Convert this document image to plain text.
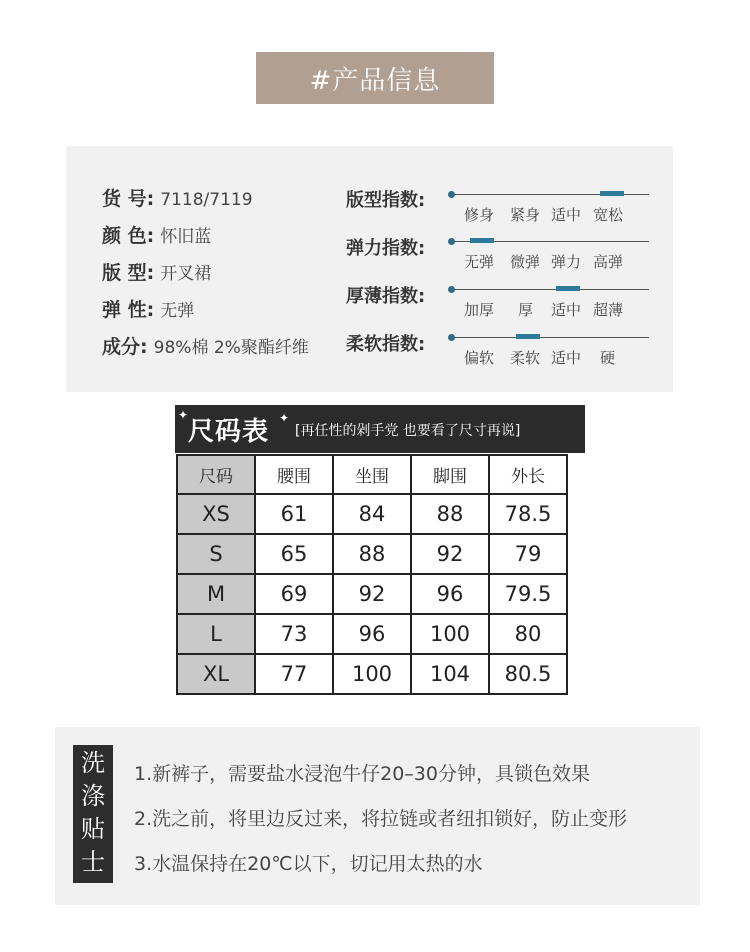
#产品信息
货 号: 7118/7119
颜 色: 怀旧蓝
版 型: 开叉裙
弹 性: 无弹
成分: 98%棉 2%聚酯纤维
版型指数:
修身 紧身 适中 宽松
弹力指数:
无弹 微弹 弹力 高弹
厚薄指数:
加厚 厚 适中 超薄
柔软指数:
偏软 柔软 适中 硬
✦
尺码表 ✦
[再任性的剁手党 也要看了尺寸再说]
尺码	腰围	坐围	脚围	外长
XS	61	84	88	78.5
S	65	88	92	79
M	69	92	96	79.5
L	73	96	100	80
XL	77	100	104	80.5
洗
涤
贴
士
1.新裤子，需要盐水浸泡牛仔20–30分钟，具锁色效果
2.洗之前，将里边反过来，将拉链或者纽扣锁好，防止变形
3.水温保持在20℃以下，切记用太热的水
